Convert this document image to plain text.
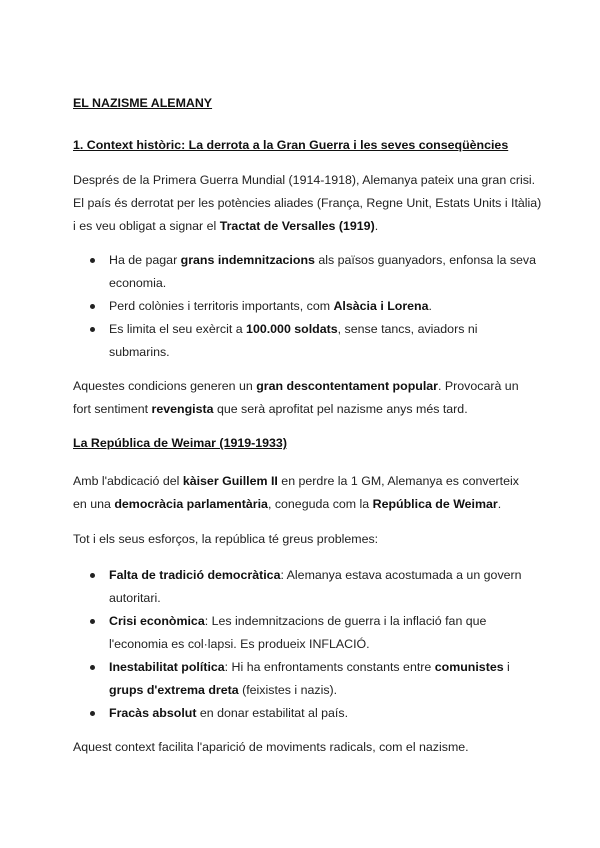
EL NAZISME ALEMANY
1. Context històric: La derrota a la Gran Guerra i les seves conseqüències
Després de la Primera Guerra Mundial (1914-1918), Alemanya pateix una gran crisi.
El país és derrotat per les potències aliades (França, Regne Unit, Estats Units i Itàlia)
i es veu obligat a signar el Tractat de Versalles (1919).
Ha de pagar grans indemnitzacions als països guanyadors, enfonsa la seva
economia.
Perd colònies i territoris importants, com Alsàcia i Lorena.
Es limita el seu exèrcit a 100.000 soldats, sense tancs, aviadors ni
submarins.
Aquestes condicions generen un gran descontentament popular. Provocarà un
fort sentiment revengista que serà aprofitat pel nazisme anys més tard.
La República de Weimar (1919-1933)
Amb l'abdicació del kàiser Guillem II en perdre la 1 GM, Alemanya es converteix
en una democràcia parlamentària, coneguda com la República de Weimar.
Tot i els seus esforços, la república té greus problemes:
Falta de tradició democràtica: Alemanya estava acostumada a un govern
autoritari.
Crisi econòmica: Les indemnitzacions de guerra i la inflació fan que
l'economia es col·lapsi. Es produeix INFLACIÓ.
Inestabilitat política: Hi ha enfrontaments constants entre comunistes i
grups d'extrema dreta (feixistes i nazis).
Fracàs absolut en donar estabilitat al país.
Aquest context facilita l'aparició de moviments radicals, com el nazisme.
